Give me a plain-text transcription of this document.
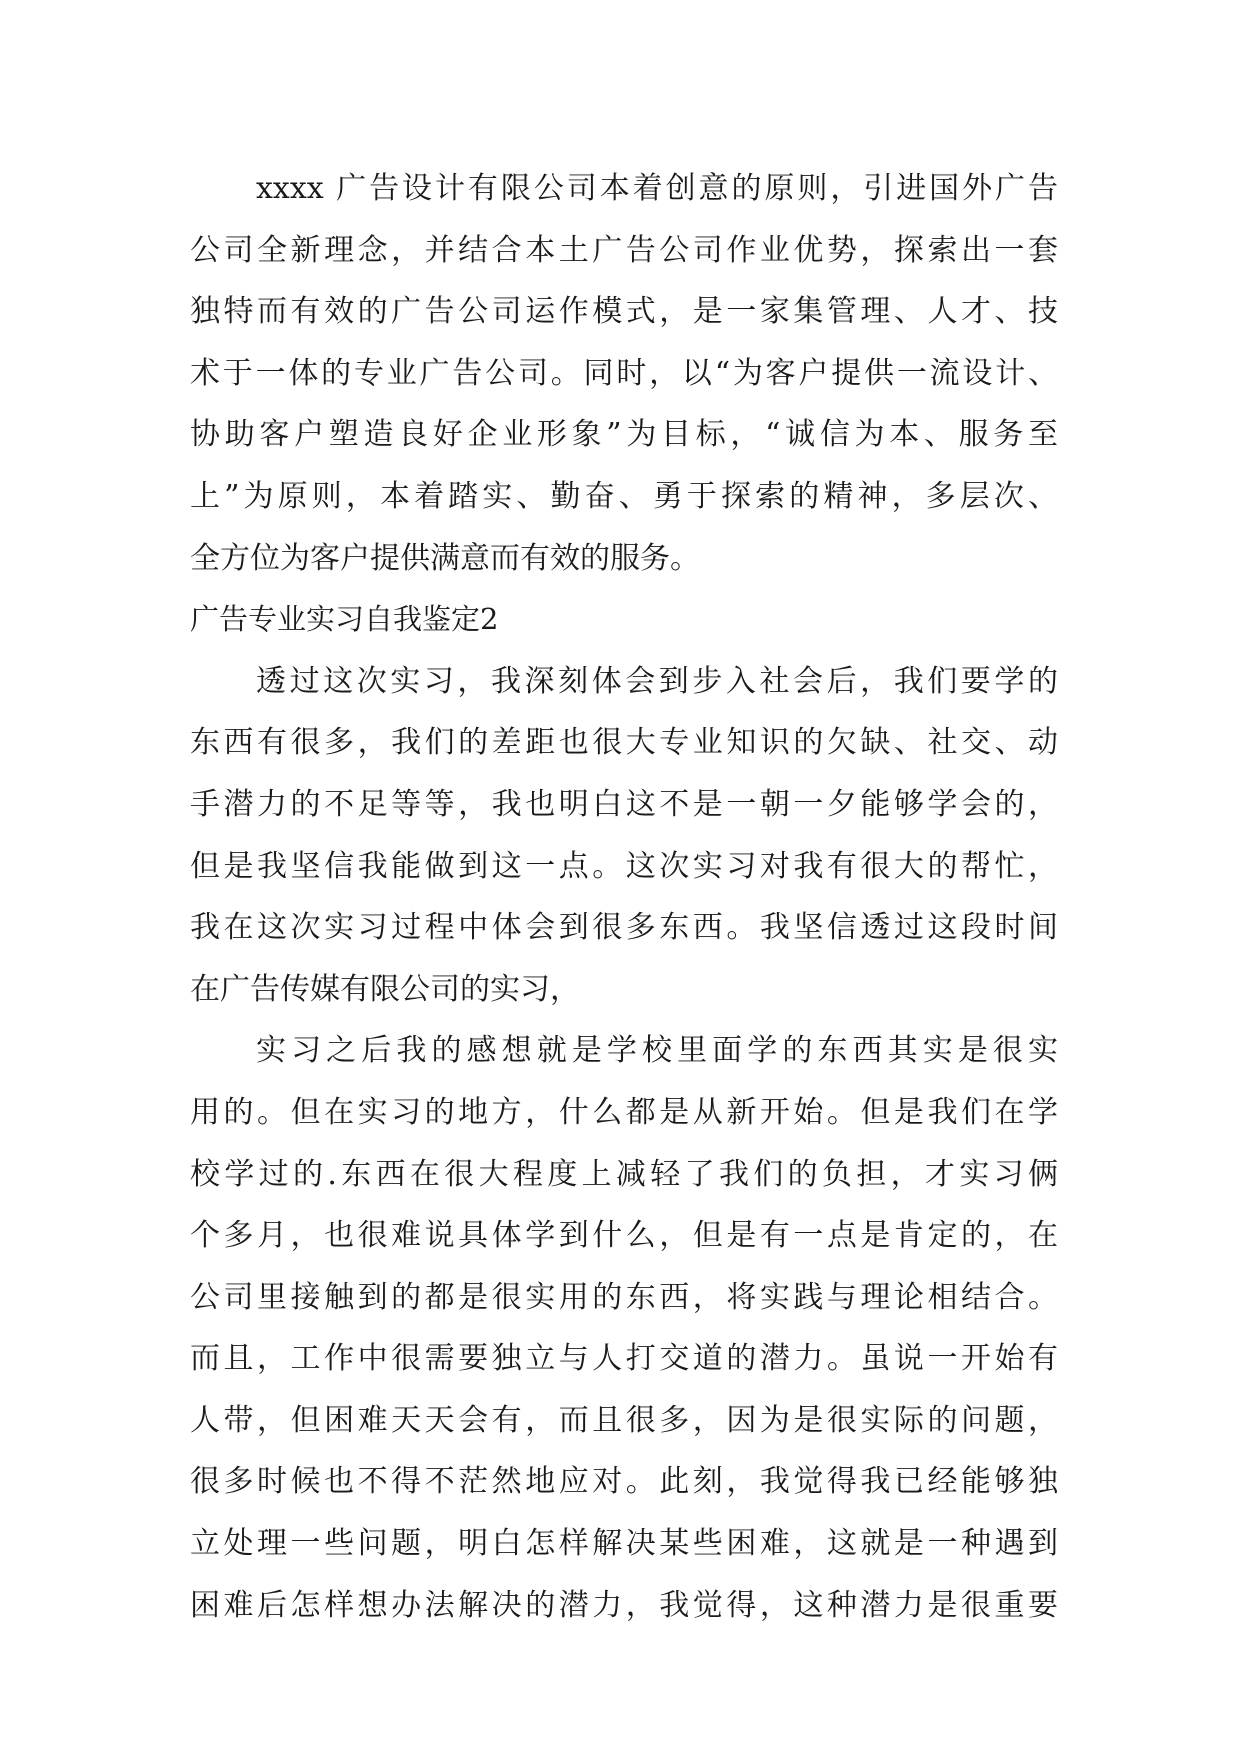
xxxx 广告设计有限公司本着创意的原则，引进国外广告
公司全新理念，并结合本土广告公司作业优势，探索出一套
独特而有效的广告公司运作模式，是一家集管理、人才、技
术于一体的专业广告公司。同时，以“为客户提供一流设计、
协助客户塑造良好企业形象”为目标，“诚信为本、服务至
上”为原则，本着踏实、勤奋、勇于探索的精神，多层次、
全方位为客户提供满意而有效的服务。
广告专业实习自我鉴定2
透过这次实习，我深刻体会到步入社会后，我们要学的
东西有很多，我们的差距也很大专业知识的欠缺、社交、动
手潜力的不足等等，我也明白这不是一朝一夕能够学会的，
但是我坚信我能做到这一点。这次实习对我有很大的帮忙，
我在这次实习过程中体会到很多东西。我坚信透过这段时间
在广告传媒有限公司的实习，
实习之后我的感想就是学校里面学的东西其实是很实
用的。但在实习的地方，什么都是从新开始。但是我们在学
校学过的.东西在很大程度上减轻了我们的负担，才实习俩
个多月，也很难说具体学到什么，但是有一点是肯定的，在
公司里接触到的都是很实用的东西，将实践与理论相结合。
而且，工作中很需要独立与人打交道的潜力。虽说一开始有
人带，但困难天天会有，而且很多，因为是很实际的问题，
很多时候也不得不茫然地应对。此刻，我觉得我已经能够独
立处理一些问题，明白怎样解决某些困难，这就是一种遇到
困难后怎样想办法解决的潜力，我觉得，这种潜力是很重要
